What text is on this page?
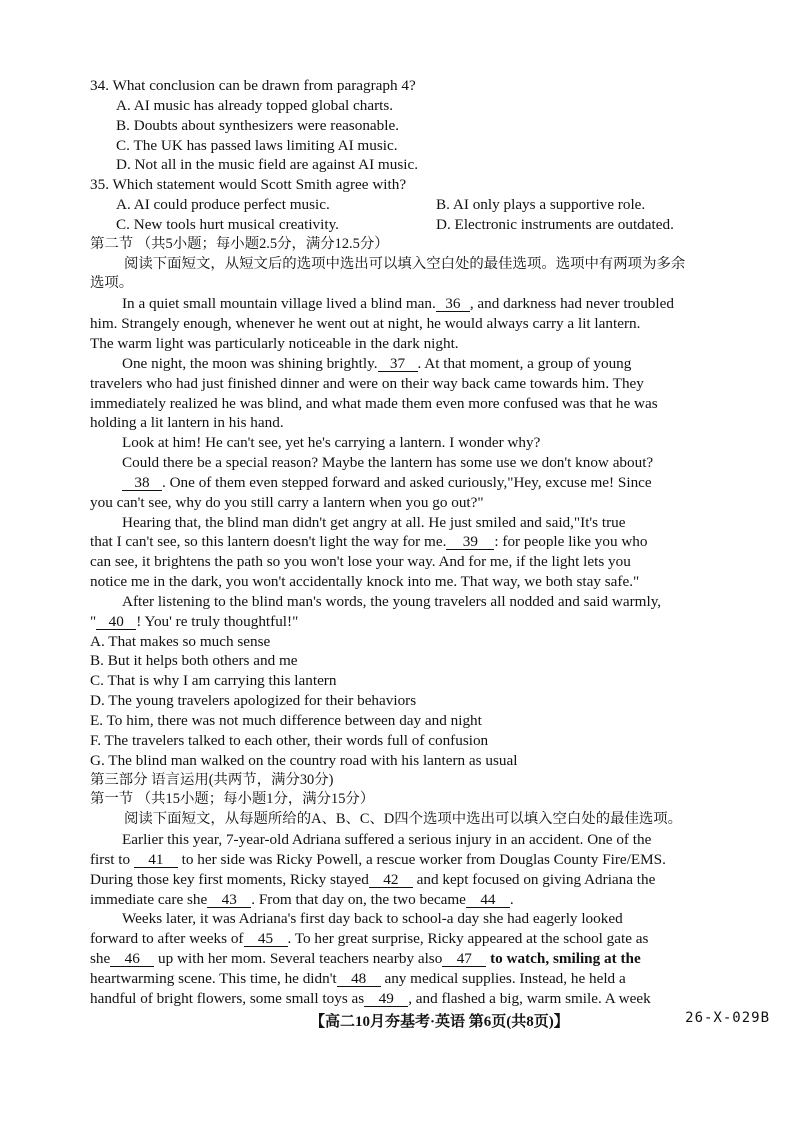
34. What conclusion can be drawn from paragraph 4?
A. AI music has already topped global charts.
B. Doubts about synthesizers were reasonable.
C. The UK has passed laws limiting AI music.
D. Not all in the music field are against AI music.
35. Which statement would Scott Smith agree with?
A. AI could produce perfect music.	B. AI only plays a supportive role.
C. New tools hurt musical creativity.	D. Electronic instruments are outdated.
第二节 （共5小题；每小题2.5分，满分12.5分）
阅读下面短文，从短文后的选项中选出可以填入空白处的最佳选项。选项中有两项为多余
选项。
In a quiet small mountain village lived a blind man. 36 , and darkness had never troubled
him. Strangely enough, whenever he went out at night, he would always carry a lit lantern.
The warm light was particularly noticeable in the dark night.
One night, the moon was shining brightly. 37 . At that moment, a group of young
travelers who had just finished dinner and were on their way back came towards him. They
immediately realized he was blind, and what made them even more confused was that he was
holding a lit lantern in his hand.
Look at him! He can't see, yet he's carrying a lantern. I wonder why?
Could there be a special reason? Maybe the lantern has some use we don't know about?
38 . One of them even stepped forward and asked curiously,"Hey, excuse me! Since
you can't see, why do you still carry a lantern when you go out?"
Hearing that, the blind man didn't get angry at all. He just smiled and said,"It's true
that I can't see, so this lantern doesn't light the way for me. 39 : for people like you who
can see, it brightens the path so you won't lose your way. And for me, if the light lets you
notice me in the dark, you won't accidentally knock into me. That way, we both stay safe."
After listening to the blind man's words, the young travelers all nodded and said warmly,
" 40 ! You' re truly thoughtful!"
A. That makes so much sense
B. But it helps both others and me
C. That is why I am carrying this lantern
D. The young travelers apologized for their behaviors
E. To him, there was not much difference between day and night
F. The travelers talked to each other, their words full of confusion
G. The blind man walked on the country road with his lantern as usual
第三部分 语言运用(共两节，满分30分)
第一节 （共15小题；每小题1分，满分15分）
阅读下面短文，从每题所给的A、B、C、D四个选项中选出可以填入空白处的最佳选项。
Earlier this year, 7-year-old Adriana suffered a serious injury in an accident. One of the
first to 41 to her side was Ricky Powell, a rescue worker from Douglas County Fire/EMS.
During those key first moments, Ricky stayed 42 and kept focused on giving Adriana the
immediate care she 43 . From that day on, the two became 44 .
Weeks later, it was Adriana's first day back to school-a day she had eagerly looked
forward to after weeks of 45 . To her great surprise, Ricky appeared at the school gate as
she 46 up with her mom. Several teachers nearby also 47 to watch, smiling at the
heartwarming scene. This time, he didn't 48 any medical supplies. Instead, he held a
handful of bright flowers, some small toys as 49 , and flashed a big, warm smile. A week
【高二10月夯基考·英语 第6页(共8页)】	26-X-029B
